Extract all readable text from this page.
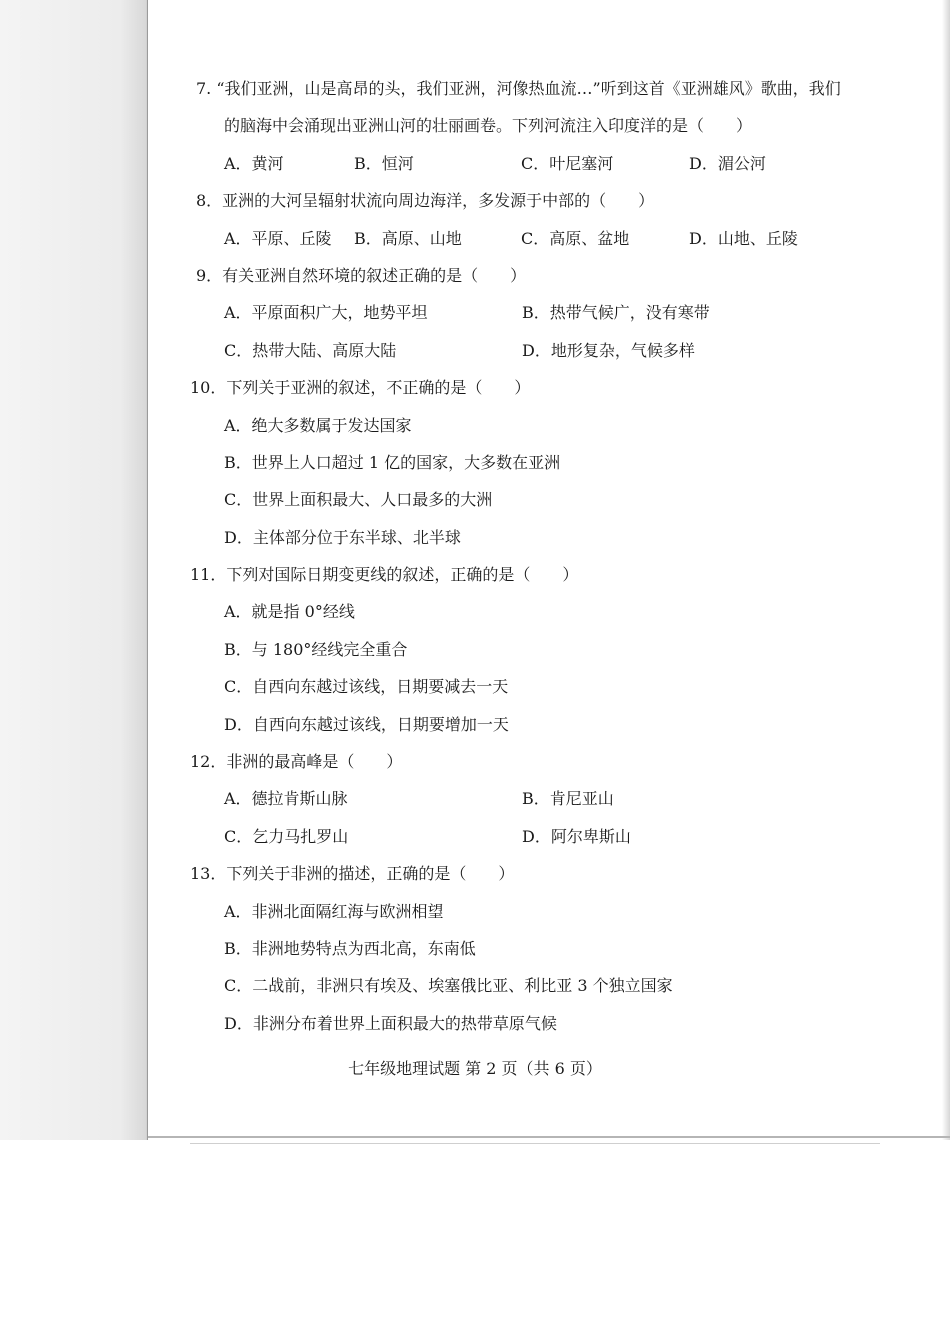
7. “我们亚洲，山是高昂的头，我们亚洲，河像热血流…”听到这首《亚洲雄风》歌曲，我们
的脑海中会涌现出亚洲山河的壮丽画卷。下列河流注入印度洋的是（　　）
A．黄河	B．恒河	C．叶尼塞河	D．湄公河
8．亚洲的大河呈辐射状流向周边海洋，多发源于中部的（　　）
A．平原、丘陵	B．高原、山地	C．高原、盆地	D．山地、丘陵
9．有关亚洲自然环境的叙述正确的是（　　）
A．平原面积广大，地势平坦	B．热带气候广，没有寒带
C．热带大陆、高原大陆	D．地形复杂，气候多样
10．下列关于亚洲的叙述，不正确的是（　　）
A．绝大多数属于发达国家
B．世界上人口超过 1 亿的国家，大多数在亚洲
C．世界上面积最大、人口最多的大洲
D．主体部分位于东半球、北半球
11．下列对国际日期变更线的叙述，正确的是（　　）
A．就是指 0°经线
B．与 180°经线完全重合
C．自西向东越过该线，日期要减去一天
D．自西向东越过该线，日期要增加一天
12．非洲的最高峰是（　　）
A．德拉肯斯山脉	B．肯尼亚山
C．乞力马扎罗山	D．阿尔卑斯山
13．下列关于非洲的描述，正确的是（　　）
A．非洲北面隔红海与欧洲相望
B．非洲地势特点为西北高，东南低
C．二战前，非洲只有埃及、埃塞俄比亚、利比亚 3 个独立国家
D．非洲分布着世界上面积最大的热带草原气候
七年级地理试题 第 2 页（共 6 页）
